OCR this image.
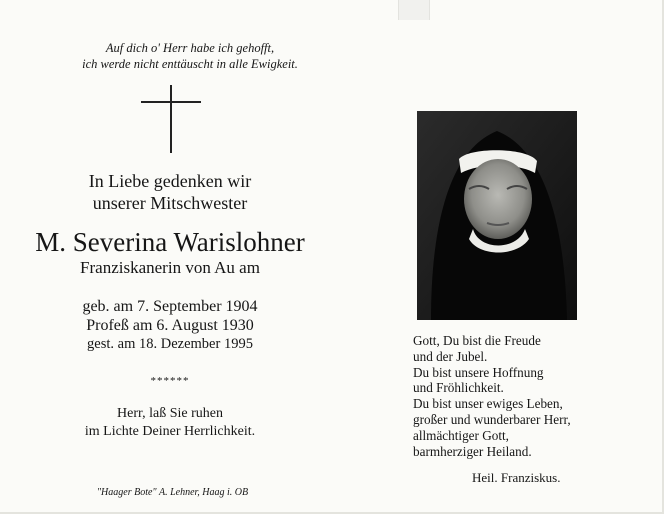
Auf dich o' Herr habe ich gehofft,
ich werde nicht enttäuscht in alle Ewigkeit.
In Liebe gedenken wir
unserer Mitschwester
M. Severina Warislohner
Franziskanerin von Au am
geb. am 7. September 1904
Profeß am 6. August 1930
gest. am 18. Dezember 1995
******
Herr, laß Sie ruhen
im Lichte Deiner Herrlichkeit.
"Haager Bote" A. Lehner, Haag i. OB
Gott, Du bist die Freude
und der Jubel.
Du bist unsere Hoffnung
und Fröhlichkeit.
Du bist unser ewiges Leben,
großer und wunderbarer Herr,
allmächtiger Gott,
barmherziger Heiland.
Heil. Franziskus.
